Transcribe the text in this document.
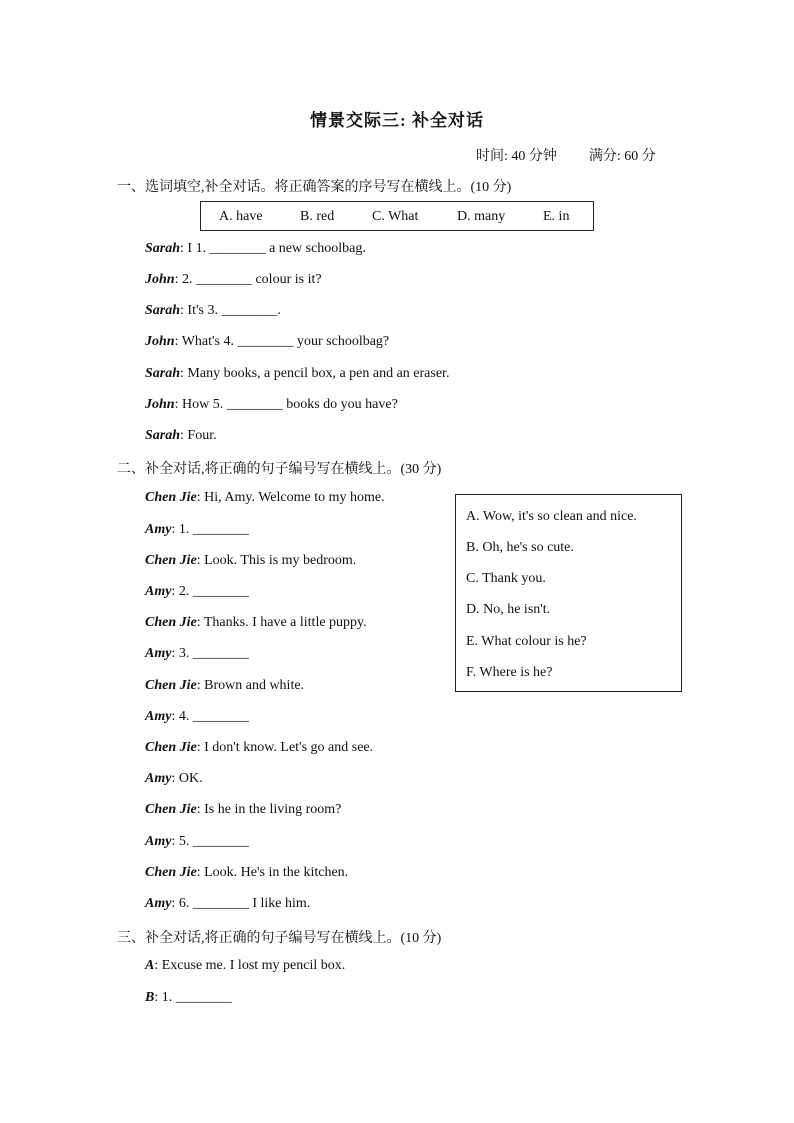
情景交际三: 补全对话
时间: 40 分钟 满分: 60 分
一、选词填空,补全对话。将正确答案的序号写在横线上。(10 分)
A. have	B. red	C. What	D. many	E. in
Sarah: I 1. ________ a new schoolbag.
John: 2. ________ colour is it?
Sarah: It's 3. ________.
John: What's 4. ________ your schoolbag?
Sarah: Many books, a pencil box, a pen and an eraser.
John: How 5. ________ books do you have?
Sarah: Four.
二、补全对话,将正确的句子编号写在横线上。(30 分)
A. Wow, it's so clean and nice.
B. Oh, he's so cute.
C. Thank you.
D. No, he isn't.
E. What colour is he?
F. Where is he?
Chen Jie: Hi, Amy. Welcome to my home.
Amy: 1. ________
Chen Jie: Look. This is my bedroom.
Amy: 2. ________
Chen Jie: Thanks. I have a little puppy.
Amy: 3. ________
Chen Jie: Brown and white.
Amy: 4. ________
Chen Jie: I don't know. Let's go and see.
Amy: OK.
Chen Jie: Is he in the living room?
Amy: 5. ________
Chen Jie: Look. He's in the kitchen.
Amy: 6. ________ I like him.
三、补全对话,将正确的句子编号写在横线上。(10 分)
A: Excuse me. I lost my pencil box.
B: 1. ________
